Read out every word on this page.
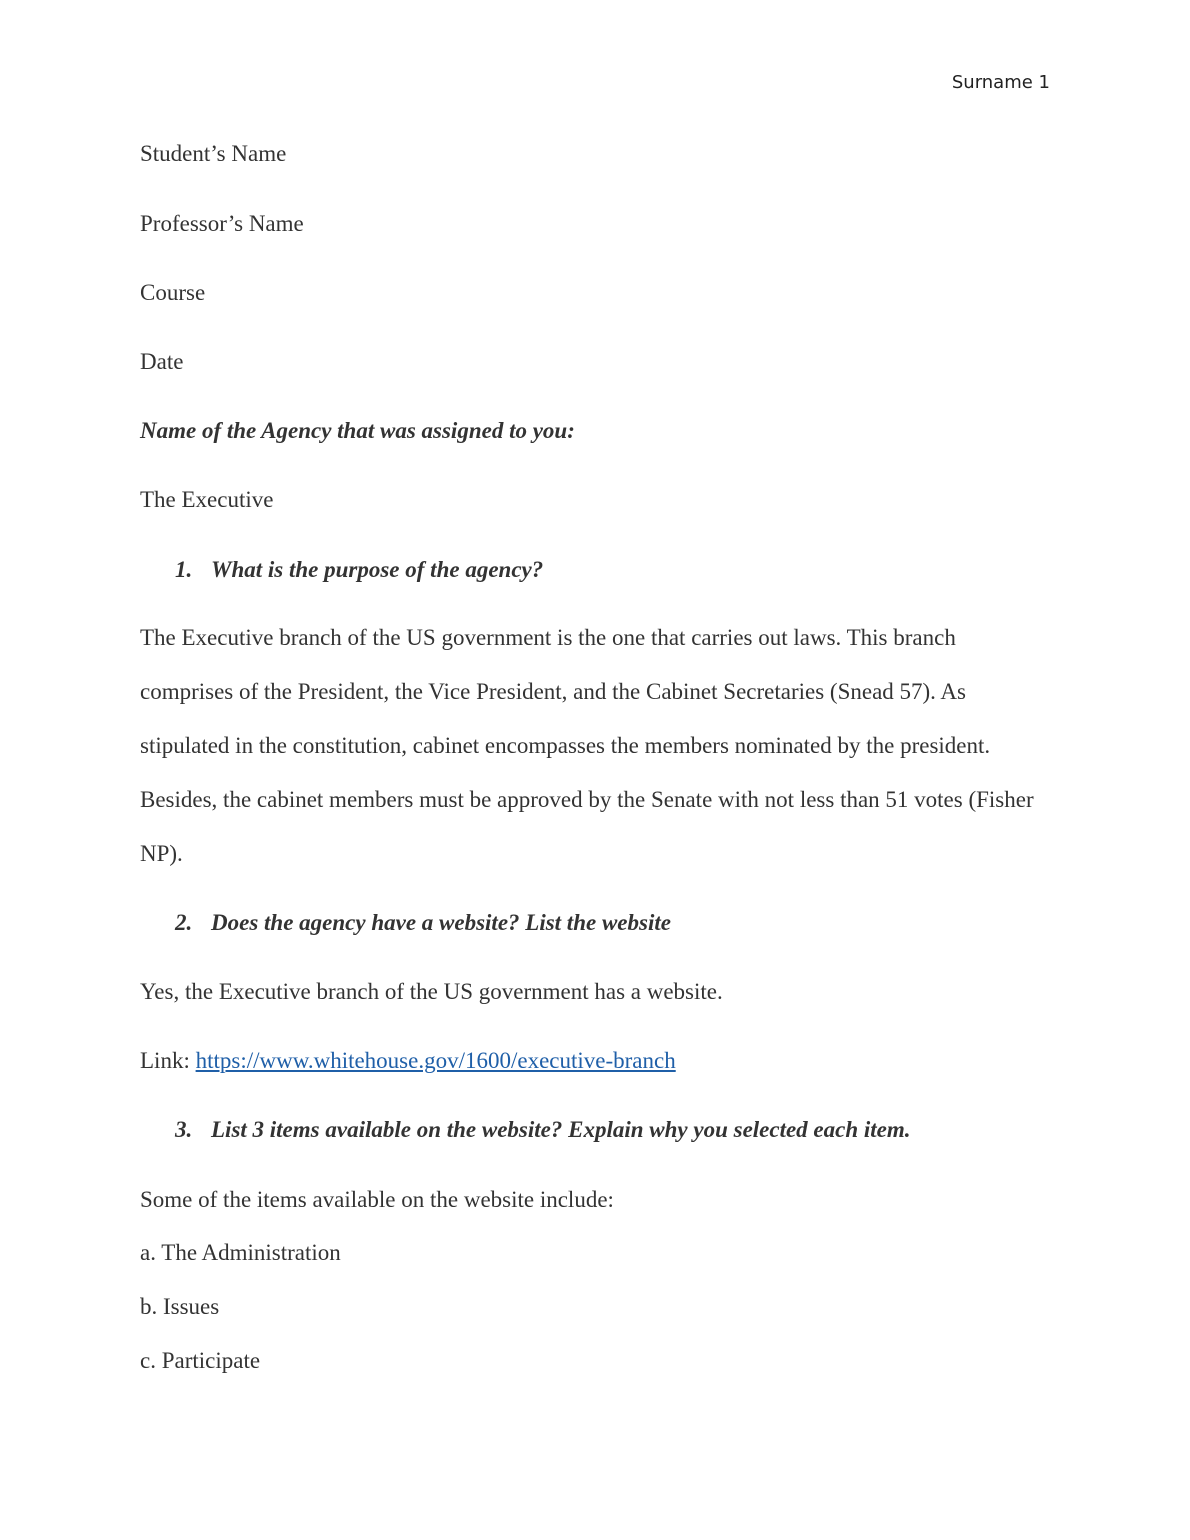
Surname 1
Student’s Name
Professor’s Name
Course
Date
Name of the Agency that was assigned to you:
The Executive
1. What is the purpose of the agency?
The Executive branch of the US government is the one that carries out laws. This branch
comprises of the President, the Vice President, and the Cabinet Secretaries (Snead 57). As
stipulated in the constitution, cabinet encompasses the members nominated by the president.
Besides, the cabinet members must be approved by the Senate with not less than 51 votes (Fisher
NP).
2. Does the agency have a website? List the website
Yes, the Executive branch of the US government has a website.
Link: https://www.whitehouse.gov/1600/executive-branch
3. List 3 items available on the website? Explain why you selected each item.
Some of the items available on the website include:
a. The Administration
b. Issues
c. Participate
